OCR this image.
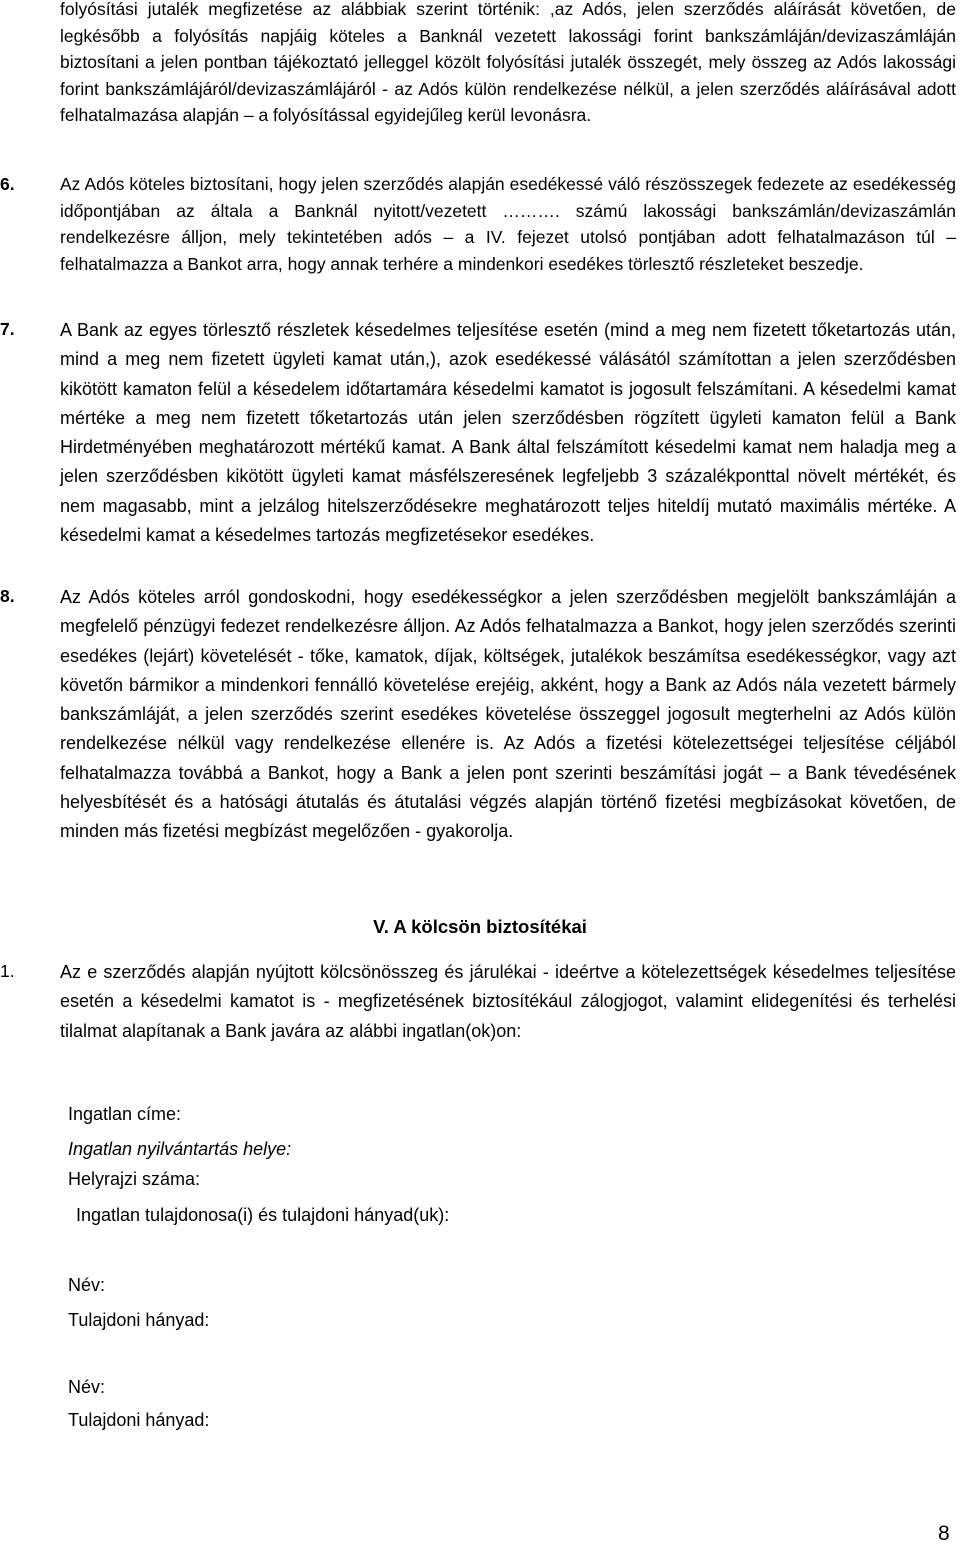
folyósítási jutalék megfizetése az alábbiak szerint történik: ,az Adós, jelen szerződés aláírását követően, de legkésőbb a folyósítás napjáig köteles a Banknál vezetett lakossági forint bankszámláján/devizaszámláján biztosítani a jelen pontban tájékoztató jelleggel közölt folyósítási jutalék összegét, mely összeg az Adós lakossági forint bankszámlájáról/devizaszámlájáról - az Adós külön rendelkezése nélkül, a jelen szerződés aláírásával adott felhatalmazása alapján – a folyósítással egyidejűleg kerül levonásra.
6.	Az Adós köteles biztosítani, hogy jelen szerződés alapján esedékessé váló részösszegek fedezete az esedékesség időpontjában az általa a Banknál nyitott/vezetett ………. számú lakossági bankszámlán/devizaszámlán rendelkezésre álljon, mely tekintetében adós – a IV. fejezet utolsó pontjában adott felhatalmazáson túl – felhatalmazza a Bankot arra, hogy annak terhére a mindenkori esedékes törlesztő részleteket beszedje.
7.	A Bank az egyes törlesztő részletek késedelmes teljesítése esetén (mind a meg nem fizetett tőketartozás után, mind a meg nem fizetett ügyleti kamat után,), azok esedékessé válásától számítottan a jelen szerződésben kikötött kamaton felül a késedelem időtartamára késedelmi kamatot is jogosult felszámítani. A késedelmi kamat mértéke a meg nem fizetett tőketartozás után jelen szerződésben rögzített ügyleti kamaton felül a Bank Hirdetményében meghatározott mértékű kamat. A Bank által felszámított késedelmi kamat nem haladja meg a jelen szerződésben kikötött ügyleti kamat másfélszeresének legfeljebb 3 százalékponttal növelt mértékét, és nem magasabb, mint a jelzálog hitelszerződésekre meghatározott teljes hiteldíj mutató maximális mértéke. A késedelmi kamat a késedelmes tartozás megfizetésekor esedékes.
8.	Az Adós köteles arról gondoskodni, hogy esedékességkor a jelen szerződésben megjelölt bankszámláján a megfelelő pénzügyi fedezet rendelkezésre álljon. Az Adós felhatalmazza a Bankot, hogy jelen szerződés szerinti esedékes (lejárt) követelését - tőke, kamatok, díjak, költségek, jutalékok beszámítsa esedékességkor, vagy azt követőn bármikor a mindenkori fennálló követelése erejéig, akként, hogy a Bank az Adós nála vezetett bármely bankszámláját, a jelen szerződés szerint esedékes követelése összeggel jogosult megterhelni az Adós külön rendelkezése nélkül vagy rendelkezése ellenére is. Az Adós a fizetési kötelezettségei teljesítése céljából felhatalmazza továbbá a Bankot, hogy a Bank a jelen pont szerinti beszámítási jogát – a Bank tévedésének helyesbítését és a hatósági átutalás és átutalási végzés alapján történő fizetési megbízásokat követően, de minden más fizetési megbízást megelőzően - gyakorolja.
V. A kölcsön biztosítékai
1.	Az e szerződés alapján nyújtott kölcsönösszeg és járulékai - ideértve a kötelezettségek késedelmes teljesítése esetén a késedelmi kamatot is - megfizetésének biztosítékául zálogjogot, valamint elidegenítési és terhelési tilalmat alapítanak a Bank javára az alábbi ingatlan(ok)on:
Ingatlan címe:
Ingatlan nyilvántartás helye:
Helyrajzi száma:
Ingatlan tulajdonosa(i) és tulajdoni hányad(uk):
Név:
Tulajdoni hányad:
Név:
Tulajdoni hányad:
8
